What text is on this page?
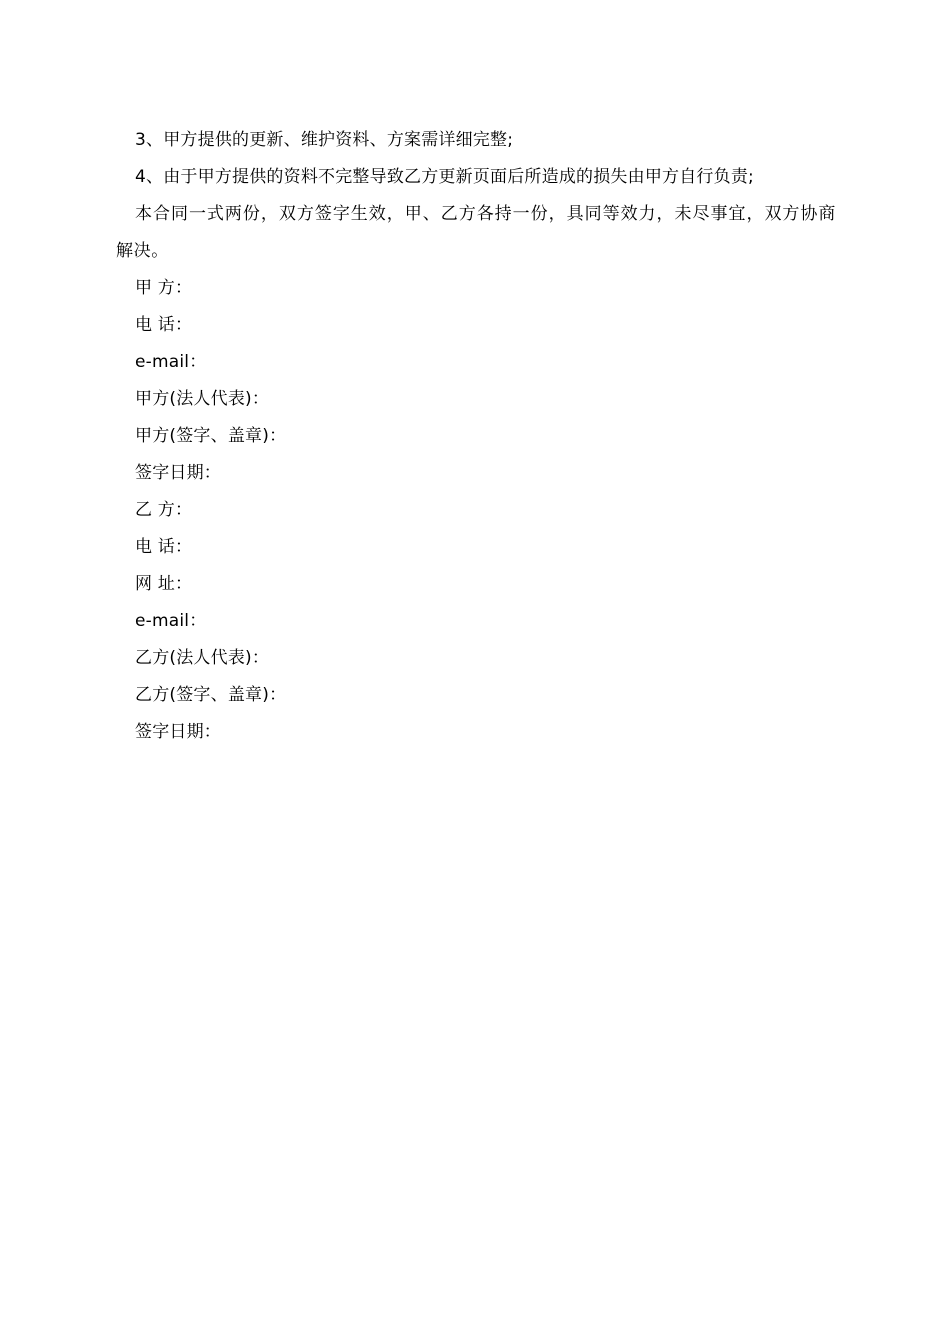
3、甲方提供的更新、维护资料、方案需详细完整;
4、由于甲方提供的资料不完整导致乙方更新页面后所造成的损失由甲方自行负责;
本合同一式两份，双方签字生效，甲、乙方各持一份，具同等效力，未尽事宜，双方协商解决。
甲 方：
电 话：
e-mail：
甲方(法人代表)：
甲方(签字、盖章)：
签字日期：
乙 方：
电 话：
网 址：
e-mail：
乙方(法人代表)：
乙方(签字、盖章)：
签字日期：
